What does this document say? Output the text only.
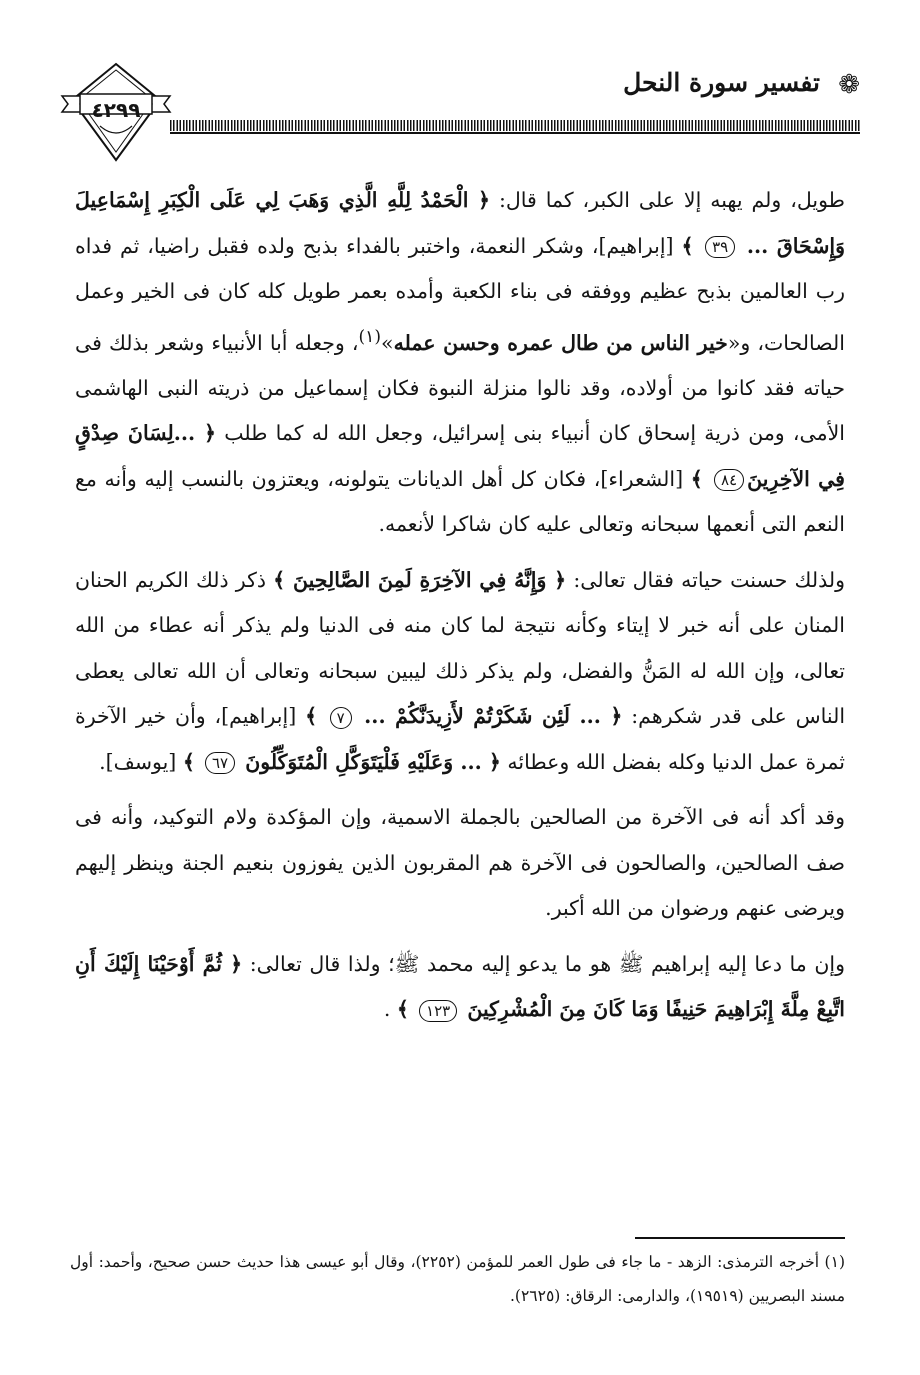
❁
تفسير سورة النحل
٤٢٩٩

طويل، ولم يهبه إلا على الكبر، كما قال: ﴿ الْحَمْدُ لِلَّهِ الَّذِي وَهَبَ لِي عَلَى الْكِبَرِ إِسْمَاعِيلَ وَإِسْحَاقَ ... ٣٩ ﴾ [إبراهيم]، وشكر النعمة، واختبر بالفداء بذبح ولده فقبل راضيا، ثم فداه رب العالمين بذبح عظيم ووفقه فى بناء الكعبة وأمده بعمر طويل كله كان فى الخير وعمل الصالحات، و«خير الناس من طال عمره وحسن عمله»$^{(١)}$، وجعله أبا الأنبياء وشعر بذلك فى حياته فقد كانوا من أولاده، وقد نالوا منزلة النبوة فكان إسماعيل من ذريته النبى الهاشمى الأمى، ومن ذرية إسحاق كان أنبياء بنى إسرائيل، وجعل الله له كما طلب ﴿ ...لِسَانَ صِدْقٍ فِي الآخِرِينَ٨٤ ﴾ [الشعراء]، فكان كل أهل الديانات يتولونه، ويعتزون بالنسب إليه وأنه مع النعم التى أنعمها سبحانه وتعالى عليه كان شاكرا لأنعمه.

ولذلك حسنت حياته فقال تعالى: ﴿ وَإِنَّهُ فِي الآخِرَةِ لَمِنَ الصَّالِحِينَ ﴾ ذكر ذلك الكريم الحنان المنان على أنه خبر لا إيتاء وكأنه نتيجة لما كان منه فى الدنيا ولم يذكر أنه عطاء من الله تعالى، وإن الله له المَنُّ والفضل، ولم يذكر ذلك ليبين سبحانه وتعالى أن الله تعالى يعطى الناس على قدر شكرهم: ﴿ ... لَئِن شَكَرْتُمْ لأَزِيدَنَّكُمْ ... ٧ ﴾ [إبراهيم]، وأن خير الآخرة ثمرة عمل الدنيا وكله بفضل الله وعطائه ﴿ ... وَعَلَيْهِ فَلْيَتَوَكَّلِ الْمُتَوَكِّلُونَ ٦٧ ﴾ [يوسف].

وقد أكد أنه فى الآخرة من الصالحين بالجملة الاسمية، وإن المؤكدة ولام التوكيد، وأنه فى صف الصالحين، والصالحون فى الآخرة هم المقربون الذين يفوزون بنعيم الجنة وينظر إليهم ويرضى عنهم ورضوان من الله أكبر.

وإن ما دعا إليه إبراهيم ﷺ هو ما يدعو إليه محمد ﷺ؛ ولذا قال تعالى: ﴿ ثُمَّ أَوْحَيْنَا إِلَيْكَ أَنِ اتَّبِعْ مِلَّةَ إِبْرَاهِيمَ حَنِيفًا وَمَا كَانَ مِنَ الْمُشْرِكِينَ ١٢٣ ﴾ .

(١) أخرجه الترمذى: الزهد - ما جاء فى طول العمر للمؤمن (٢٢٥٢)، وقال أبو عيسى هذا حديث حسن صحيح، وأحمد: أول مسند البصريين (١٩٥١٩)، والدارمى: الرقاق: (٢٦٢٥).
